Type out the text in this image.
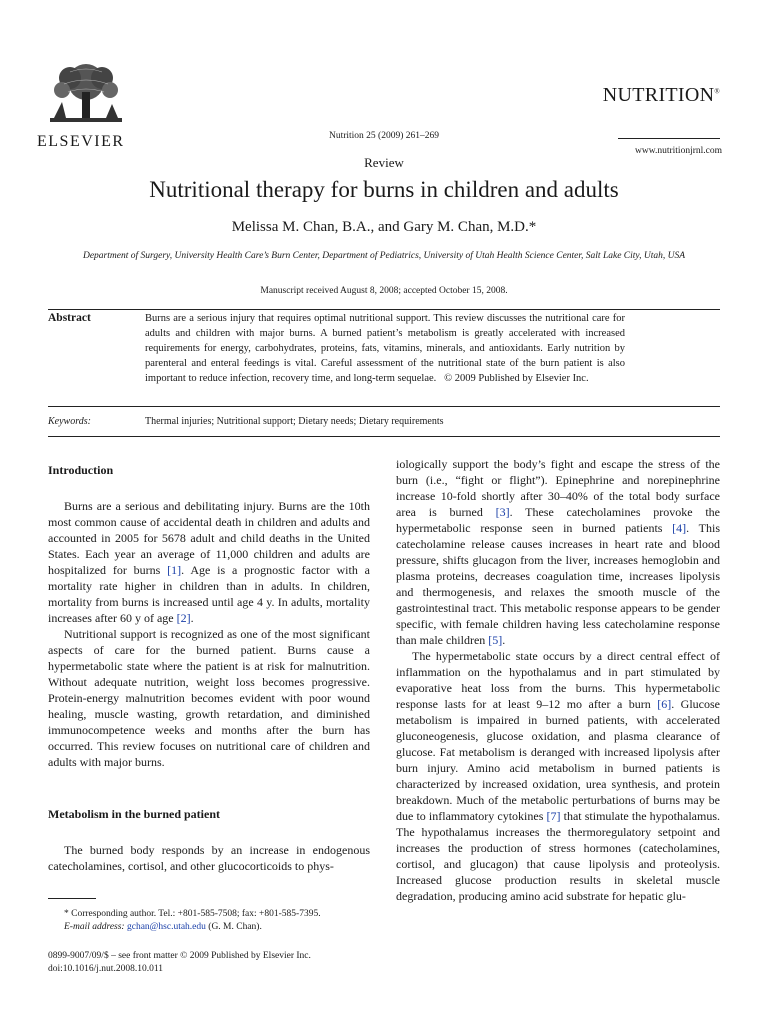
ELSEVIER	Nutrition 25 (2009) 261–269
NUTRITION®
www.nutritionjrnl.com
Review
Nutritional therapy for burns in children and adults
Melissa M. Chan, B.A., and Gary M. Chan, M.D.*
Department of Surgery, University Health Care’s Burn Center, Department of Pediatrics, University of Utah Health Science Center, Salt Lake City, Utah, USA
Manuscript received August 8, 2008; accepted October 15, 2008.
Abstract	Burns are a serious injury that requires optimal nutritional support. This review discusses the nutritional care for adults and children with major burns. A burned patient’s metabolism is greatly accelerated with increased requirements for energy, carbohydrates, proteins, fats, vitamins, minerals, and antioxidants. Early nutrition by parenteral and enteral feedings is vital. Careful assessment of the nutritional state of the burn patient is also important to reduce infection, recovery time, and long-term sequelae. © 2009 Published by Elsevier Inc.
Keywords:	Thermal injuries; Nutritional support; Dietary needs; Dietary requirements
Introduction

Burns are a serious and debilitating injury. Burns are the 10th most common cause of accidental death in children and adults and accounted in 2005 for 5678 adult and child deaths in the United States. Each year an average of 11,000 children and adults are hospitalized for burns [1]. Age is a prognostic factor with a mortality rate higher in children than in adults. In children, mortality from burns is increased until age 4 y. In adults, mortality increases after 60 y of age [2].

Nutritional support is recognized as one of the most significant aspects of care for the burned patient. Burns cause a hypermetabolic state where the patient is at risk for malnutrition. Without adequate nutrition, weight loss becomes progressive. Protein-energy malnutrition becomes evident with poor wound healing, muscle wasting, growth retardation, and diminished immunocompetence weeks and months after the burn has occurred. This review focuses on nutritional care of children and adults with major burns.

Metabolism in the burned patient

The burned body responds by an increase in endogenous catecholamines, cortisol, and other glucocorticoids to phys-

iologically support the body’s fight and escape the stress of the burn (i.e., “fight or flight”). Epinephrine and norepinephrine increase 10-fold shortly after 30–40% of the total body surface area is burned [3]. These catecholamines provoke the hypermetabolic response seen in burned patients [4]. This catecholamine release causes increases in heart rate and blood pressure, shifts glucagon from the liver, increases hemoglobin and plasma proteins, decreases coagulation time, increases lipolysis and thermogenesis, and relaxes the smooth muscle of the gastrointestinal tract. This metabolic response appears to be gender specific, with female children having less catecholamine response than male children [5].

The hypermetabolic state occurs by a direct central effect of inflammation on the hypothalamus and in part stimulated by evaporative heat loss from the burns. This hypermetabolic response lasts for at least 9–12 mo after a burn [6]. Glucose metabolism is impaired in burned patients, with accelerated gluconeogenesis, glucose oxidation, and plasma clearance of glucose. Fat metabolism is deranged with increased lipolysis after burn injury. Amino acid metabolism in burned patients is characterized by increased oxidation, urea synthesis, and protein breakdown. Much of the metabolic perturbations of burns may be due to inflammatory cytokines [7] that stimulate the hypothalamus. The hypothalamus increases the thermoregulatory setpoint and increases the production of stress hormones (catecholamines, cortisol, and glucagon) that cause lipolysis and proteolysis. Increased glucose production results in skeletal muscle degradation, producing amino acid substrate for hepatic glu-

* Corresponding author. Tel.: +801-585-7508; fax: +801-585-7395.

E-mail address: gchan@hsc.utah.edu (G. M. Chan).

0899-9007/09/$ – see front matter © 2009 Published by Elsevier Inc.
doi:10.1016/j.nut.2008.10.011
